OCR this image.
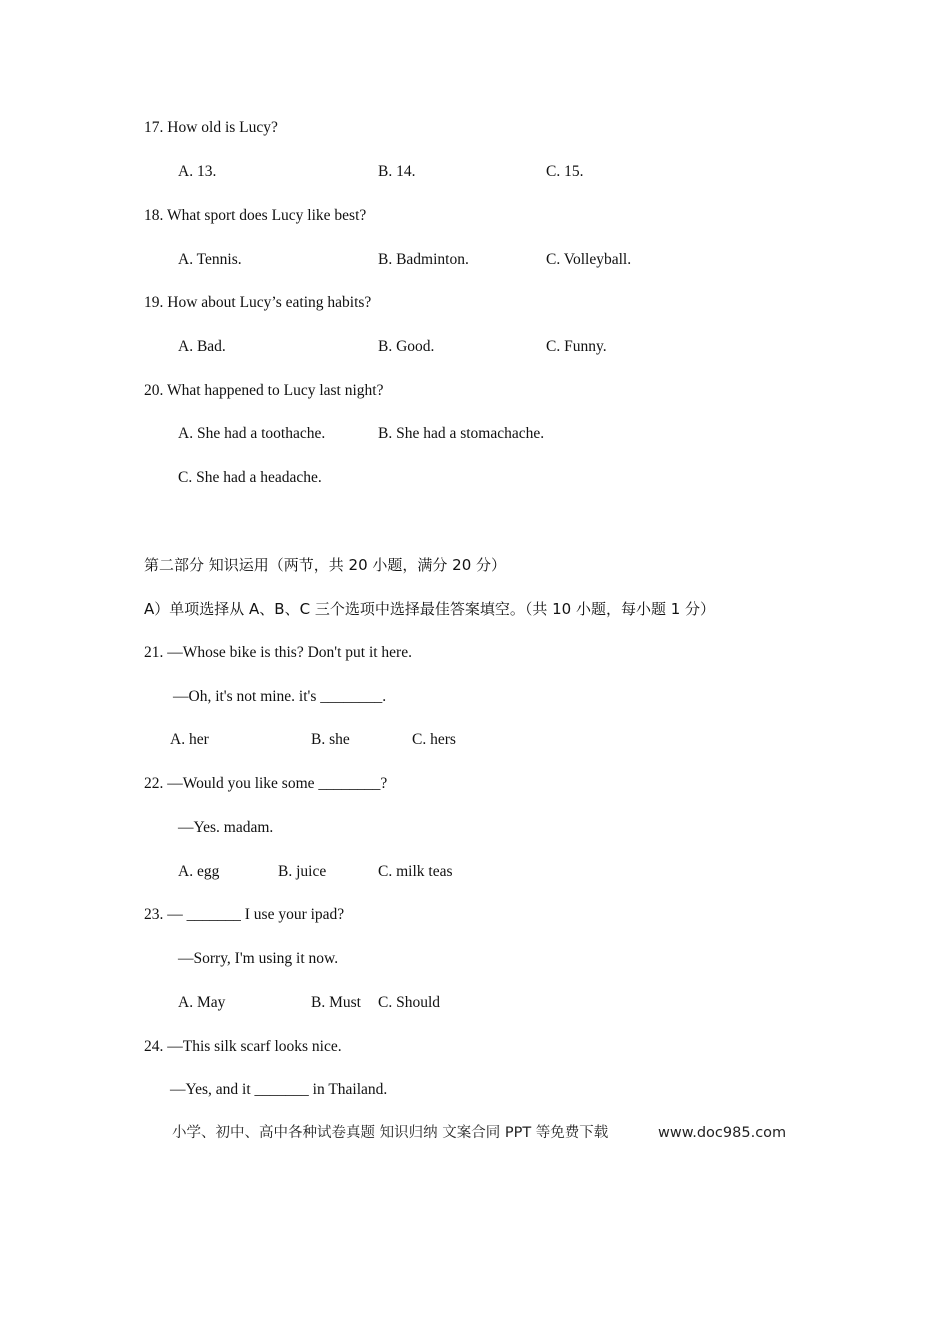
17. How old is Lucy?
A. 13.	B. 14.	C. 15.
18. What sport does Lucy like best?
A. Tennis.	B. Badminton.	C. Volleyball.
19. How about Lucy’s eating habits?
A. Bad.	B. Good.	C. Funny.
20. What happened to Lucy last night?
A. She had a toothache.	B. She had a stomachache.
C. She had a headache.
第二部分 知识运用（两节，共 20 小题，满分 20 分）
A）单项选择从 A、B、C 三个选项中选择最佳答案填空。（共 10 小题，每小题 1 分）
21. —Whose bike is this? Don't put it here.
—Oh, it's not mine. it's ________.
A. her	B. she	C. hers
22. —Would you like some ________?
—Yes. madam.
A. egg	B. juice	C. milk teas
23. — _______ I use your ipad?
—Sorry, I'm using it now.
A. May	B. Must C. Should
24. —This silk scarf looks nice.
—Yes, and it _______ in Thailand.
小学、初中、高中各种试卷真题 知识归纳 文案合同 PPT 等免费下载	www.doc985.com
